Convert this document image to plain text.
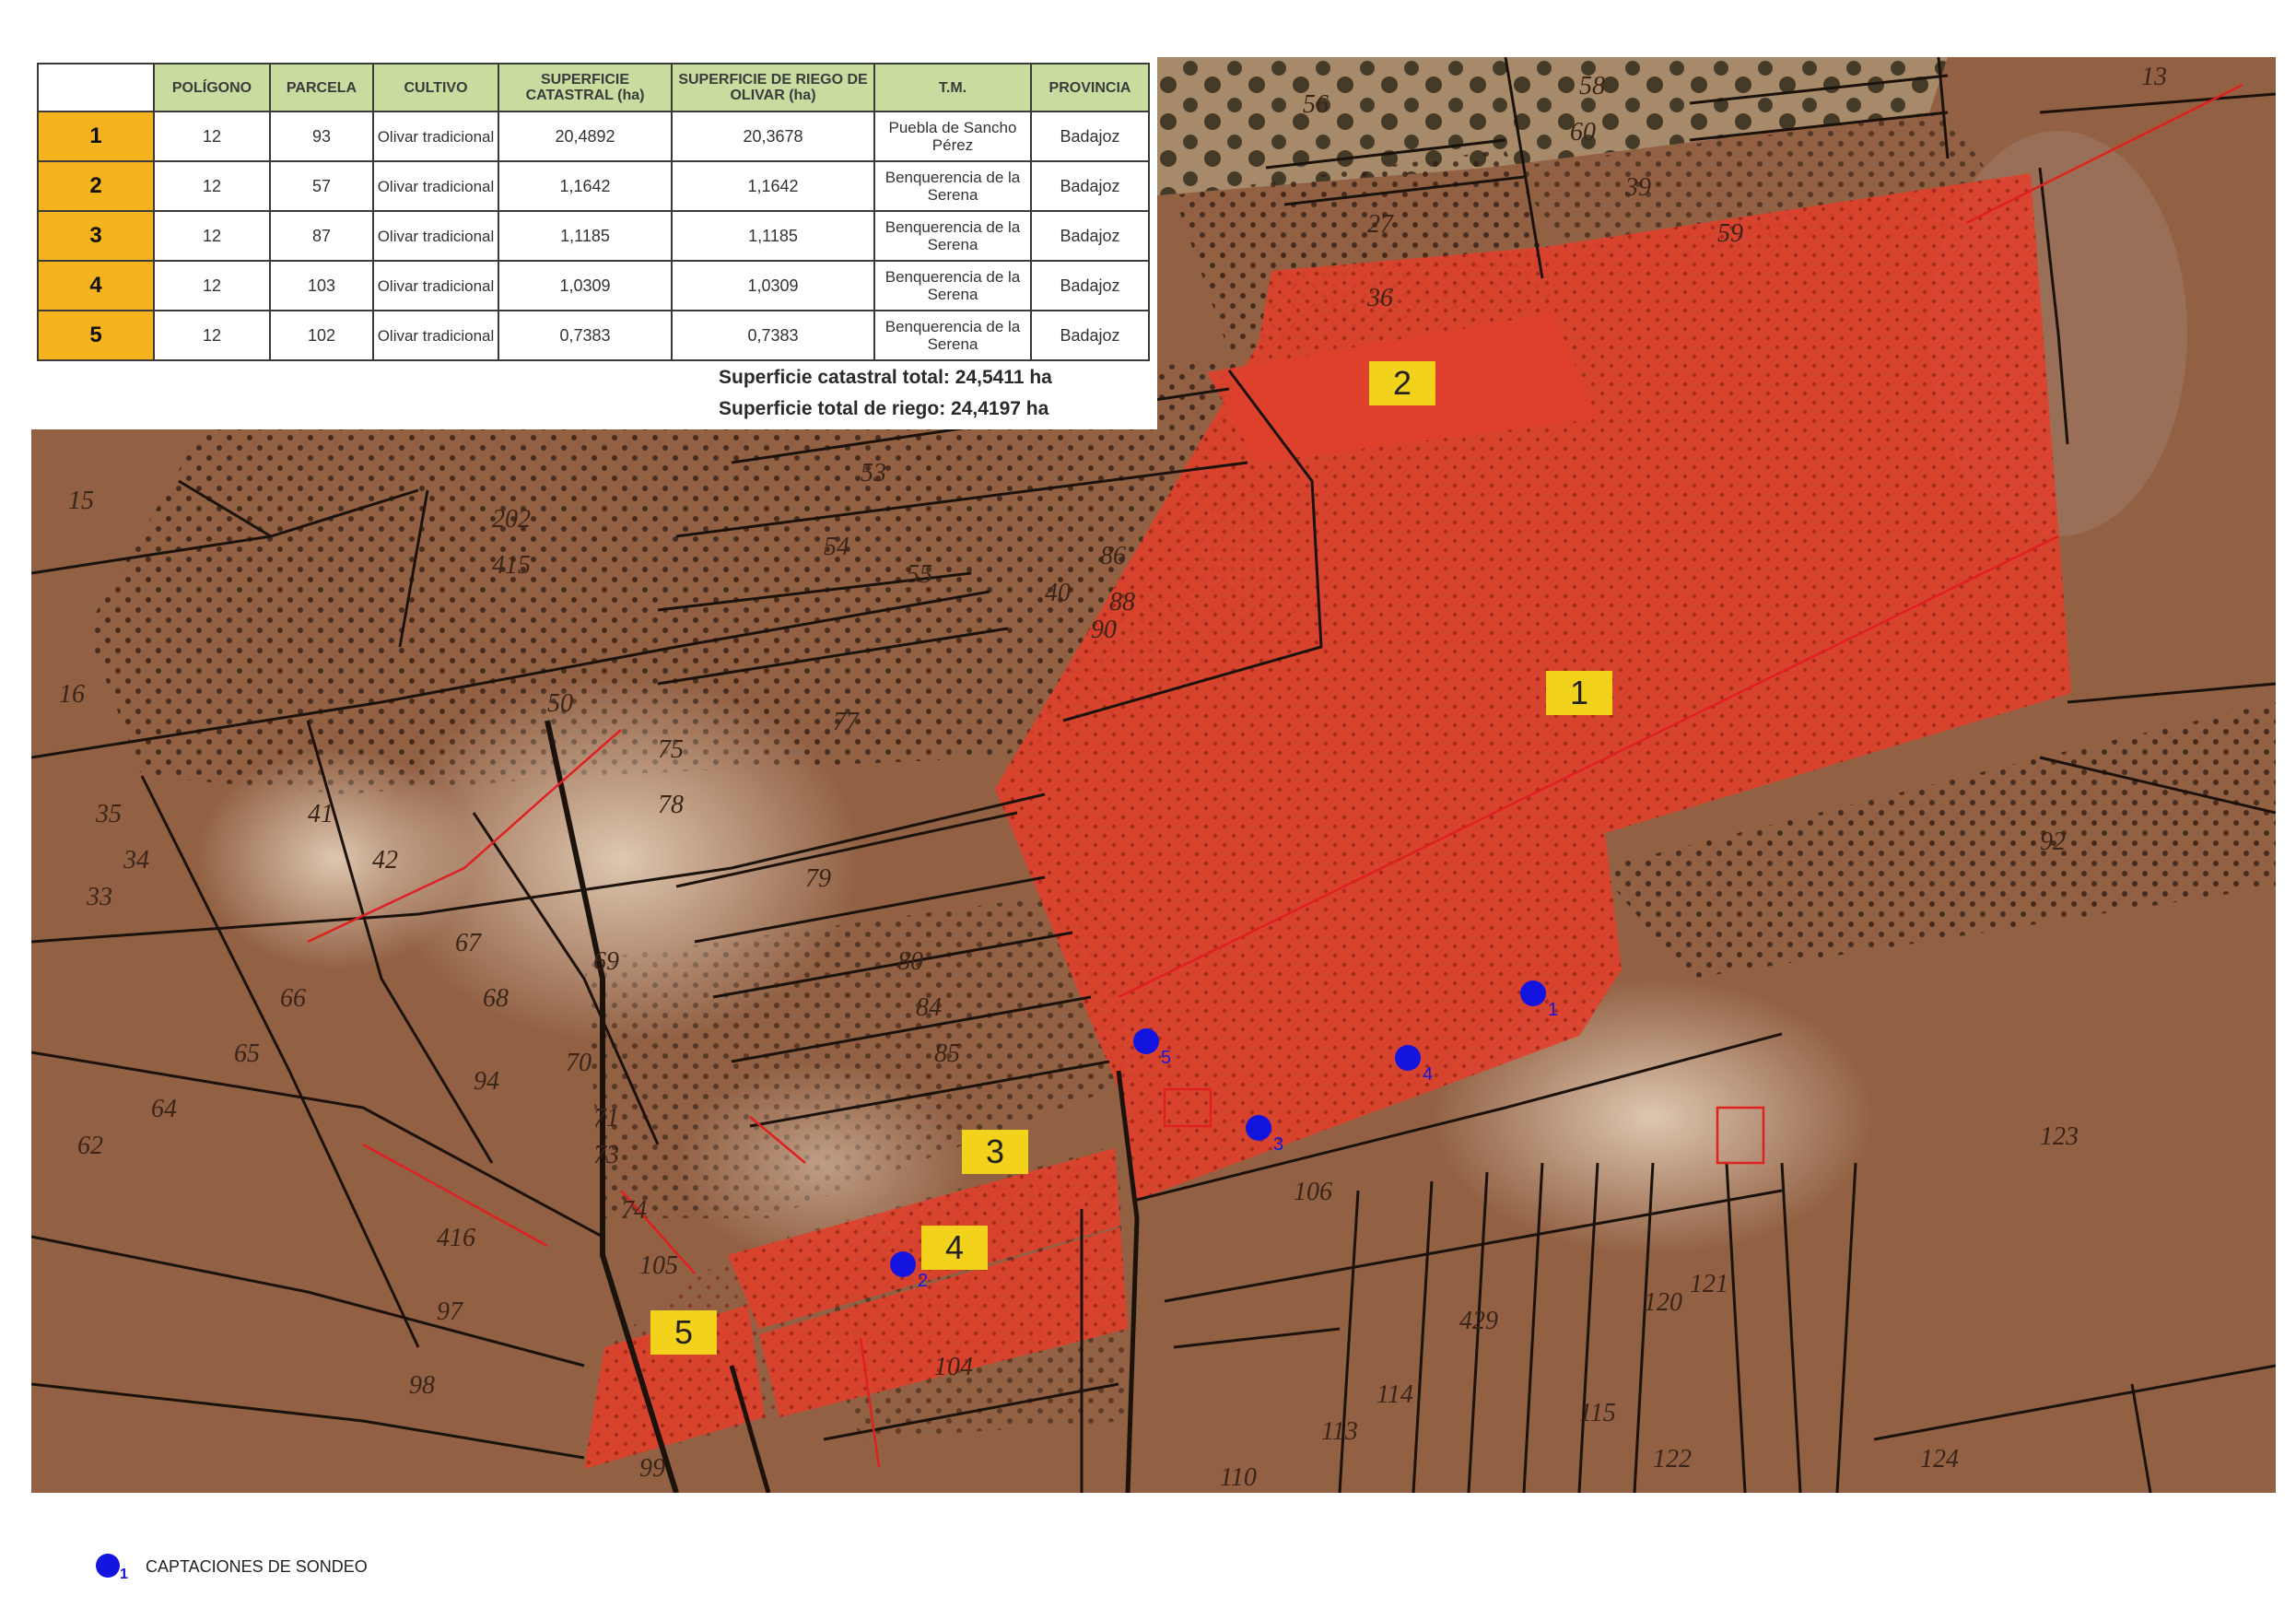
13
15
16
27
33
34
35
36
39
40
41
42
50
53
54
55
56
58
59
60
62
64
65
66
67
68
69
70
71
73
74
75
77
78
79
80
84
85
86
88
90
92
94
97
98
99
104
105
106
110
113
114
115
120
121
122
123
124
202
415
416
429
1
2
3
4
5
1
2
3
4
5
	POLÍGONO	PARCELA	CULTIVO	SUPERFICIE CATASTRAL (ha)	SUPERFICIE DE RIEGO DE OLIVAR (ha)	T.M.	PROVINCIA
1	12	93	Olivar tradicional	20,4892	20,3678	Puebla de Sancho Pérez	Badajoz
2	12	57	Olivar tradicional	1,1642	1,1642	Benquerencia de la Serena	Badajoz
3	12	87	Olivar tradicional	1,1185	1,1185	Benquerencia de la Serena	Badajoz
4	12	103	Olivar tradicional	1,0309	1,0309	Benquerencia de la Serena	Badajoz
5	12	102	Olivar tradicional	0,7383	0,7383	Benquerencia de la Serena	Badajoz
Superficie catastral total: 24,5411 ha
Superficie total de riego: 24,4197 ha
1 CAPTACIONES DE SONDEO
